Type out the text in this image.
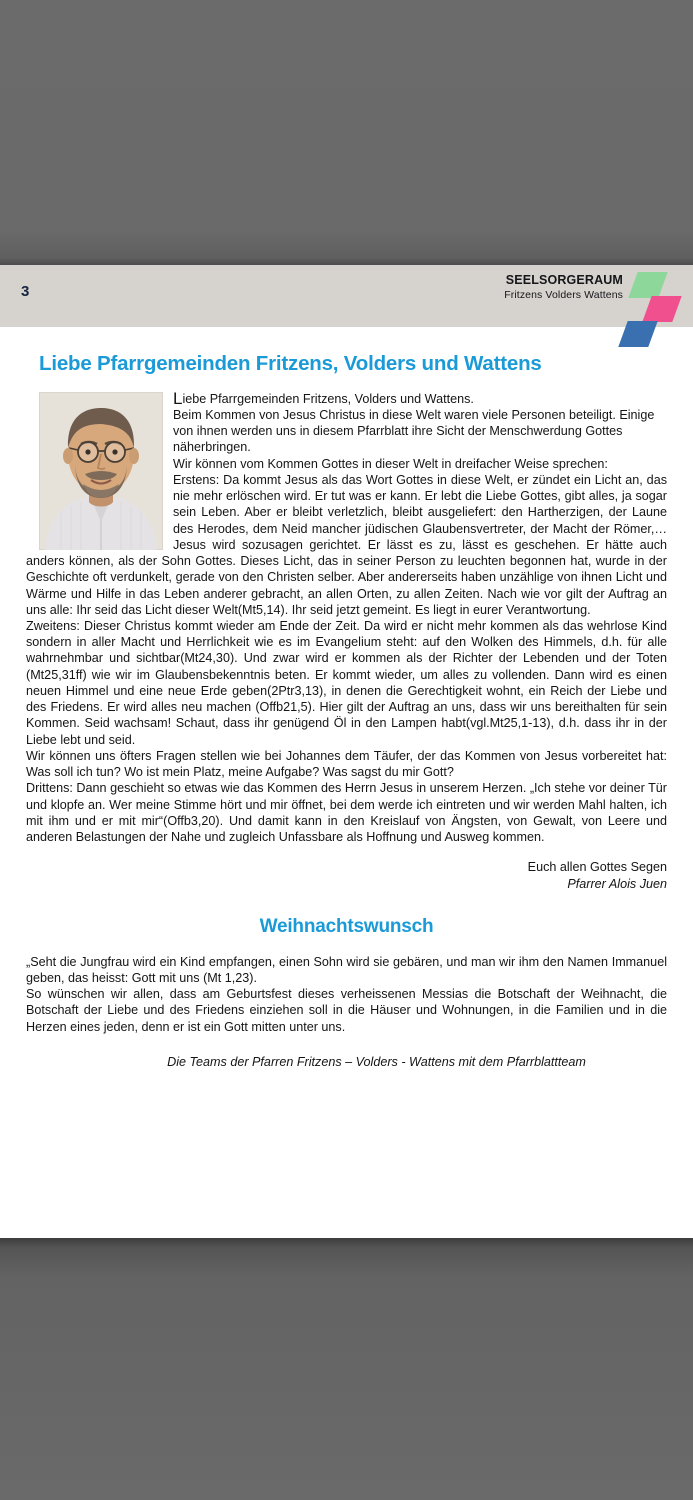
3
SEELSORGERAUM
Fritzens Volders Wattens
Liebe Pfarrgemeinden Fritzens, Volders und Wattens

Liebe Pfarrgemeinden Fritzens, Volders und Wattens.

Beim Kommen von Jesus Christus in diese Welt waren viele Personen beteiligt. Einige von ihnen werden uns in diesem Pfarrblatt ihre Sicht der Menschwerdung Gottes näherbringen.

Wir können vom Kommen Gottes in dieser Welt in dreifacher Weise sprechen:

Erstens: Da kommt Jesus als das Wort Gottes in diese Welt, er zündet ein Licht an, das nie mehr erlöschen wird. Er tut was er kann. Er lebt die Liebe Gottes, gibt alles, ja sogar sein Leben. Aber er bleibt verletzlich, bleibt ausgeliefert: den Hartherzigen, der Laune des Herodes, dem Neid mancher jüdischen Glaubensvertreter, der Macht der Römer,… Jesus wird sozusagen gerichtet. Er lässt es zu, lässt es geschehen. Er hätte auch anders können, als der Sohn Gottes. Dieses Licht, das in seiner Person zu leuchten begonnen hat, wurde in der Geschichte oft verdunkelt, gerade von den Christen selber. Aber andererseits haben unzählige von ihnen Licht und Wärme und Hilfe in das Leben anderer gebracht, an allen Orten, zu allen Zeiten. Nach wie vor gilt der Auftrag an uns alle: Ihr seid das Licht dieser Welt(Mt5,14). Ihr seid jetzt gemeint. Es liegt in eurer Verantwortung.

Zweitens: Dieser Christus kommt wieder am Ende der Zeit. Da wird er nicht mehr kommen als das wehrlose Kind sondern in aller Macht und Herrlichkeit wie es im Evangelium steht: auf den Wolken des Himmels, d.h. für alle wahrnehmbar und sichtbar(Mt24,30). Und zwar wird er kommen als der Richter der Lebenden und der Toten (Mt25,31ff) wie wir im Glaubensbekenntnis beten. Er kommt wieder, um alles zu vollenden. Dann wird es einen neuen Himmel und eine neue Erde geben(2Ptr3,13), in denen die Gerechtigkeit wohnt, ein Reich der Liebe und des Friedens. Er wird alles neu machen (Offb21,5). Hier gilt der Auftrag an uns, dass wir uns bereithalten für sein Kommen. Seid wachsam! Schaut, dass ihr genügend Öl in den Lampen habt(vgl.Mt25,1-13), d.h. dass ihr in der Liebe lebt und seid.

Wir können uns öfters Fragen stellen wie bei Johannes dem Täufer, der das Kommen von Jesus vorbereitet hat: Was soll ich tun? Wo ist mein Platz, meine Aufgabe? Was sagst du mir Gott?

Drittens: Dann geschieht so etwas wie das Kommen des Herrn Jesus in unserem Herzen. „Ich stehe vor deiner Tür und klopfe an. Wer meine Stimme hört und mir öffnet, bei dem werde ich eintreten und wir werden Mahl halten, ich mit ihm und er mit mir“(Offb3,20). Und damit kann in den Kreislauf von Ängsten, von Gewalt, von Leere und anderen Belastungen der Nahe und zugleich Unfassbare als Hoffnung und Ausweg kommen.

Euch allen Gottes Segen
Pfarrer Alois Juen
Weihnachtswunsch

„Seht die Jungfrau wird ein Kind empfangen, einen Sohn wird sie gebären, und man wir ihm den Namen Immanuel geben, das heisst: Gott mit uns (Mt 1,23).

So wünschen wir allen, dass am Geburtsfest dieses verheissenen Messias die Botschaft der Weihnacht, die Botschaft der Liebe und des Friedens einziehen soll in die Häuser und Wohnungen, in die Familien und in die Herzen eines jeden, denn er ist ein Gott mitten unter uns.

Die Teams der Pfarren Fritzens – Volders - Wattens mit dem Pfarrblattteam
